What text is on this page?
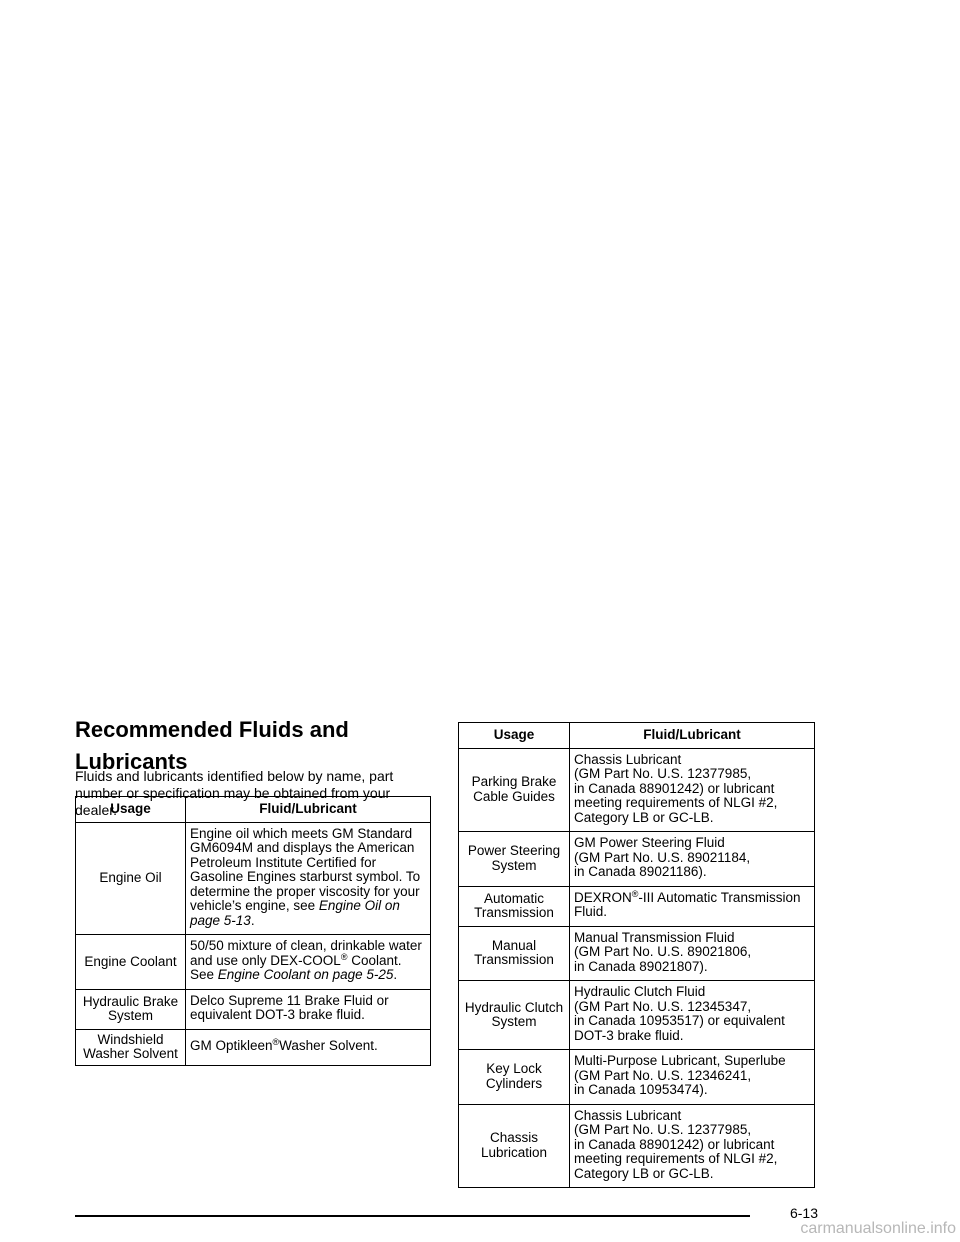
Recommended Fluids and Lubricants

Fluids and lubricants identified below by name, part number or specification may be obtained from your dealer.

Usage	Fluid/Lubricant
Engine Oil	Engine oil which meets GM Standard GM6094M and displays the American Petroleum Institute Certified for Gasoline Engines starburst symbol. To determine the proper viscosity for your vehicle’s engine, see Engine Oil on page 5-13.
Engine Coolant	50/50 mixture of clean, drinkable water and use only DEX-COOL® Coolant. See Engine Coolant on page 5-25.
Hydraulic Brake System	Delco Supreme 11 Brake Fluid or equivalent DOT-3 brake fluid.
Windshield Washer Solvent	GM Optikleen®Washer Solvent.
Usage	Fluid/Lubricant
Parking Brake Cable Guides	Chassis Lubricant
(GM Part No. U.S. 12377985,
in Canada 88901242) or lubricant
meeting requirements of NLGI #2,
Category LB or GC-LB.
Power Steering System	GM Power Steering Fluid
(GM Part No. U.S. 89021184,
in Canada 89021186).
Automatic Transmission	DEXRON®-III Automatic Transmission Fluid.
Manual Transmission	Manual Transmission Fluid
(GM Part No. U.S. 89021806,
in Canada 89021807).
Hydraulic Clutch System	Hydraulic Clutch Fluid
(GM Part No. U.S. 12345347,
in Canada 10953517) or equivalent
DOT-3 brake fluid.
Key Lock Cylinders	Multi-Purpose Lubricant, Superlube
(GM Part No. U.S. 12346241,
in Canada 10953474).
Chassis Lubrication	Chassis Lubricant
(GM Part No. U.S. 12377985,
in Canada 88901242) or lubricant
meeting requirements of NLGI #2,
Category LB or GC-LB.
6-13
carmanualsonline.info
